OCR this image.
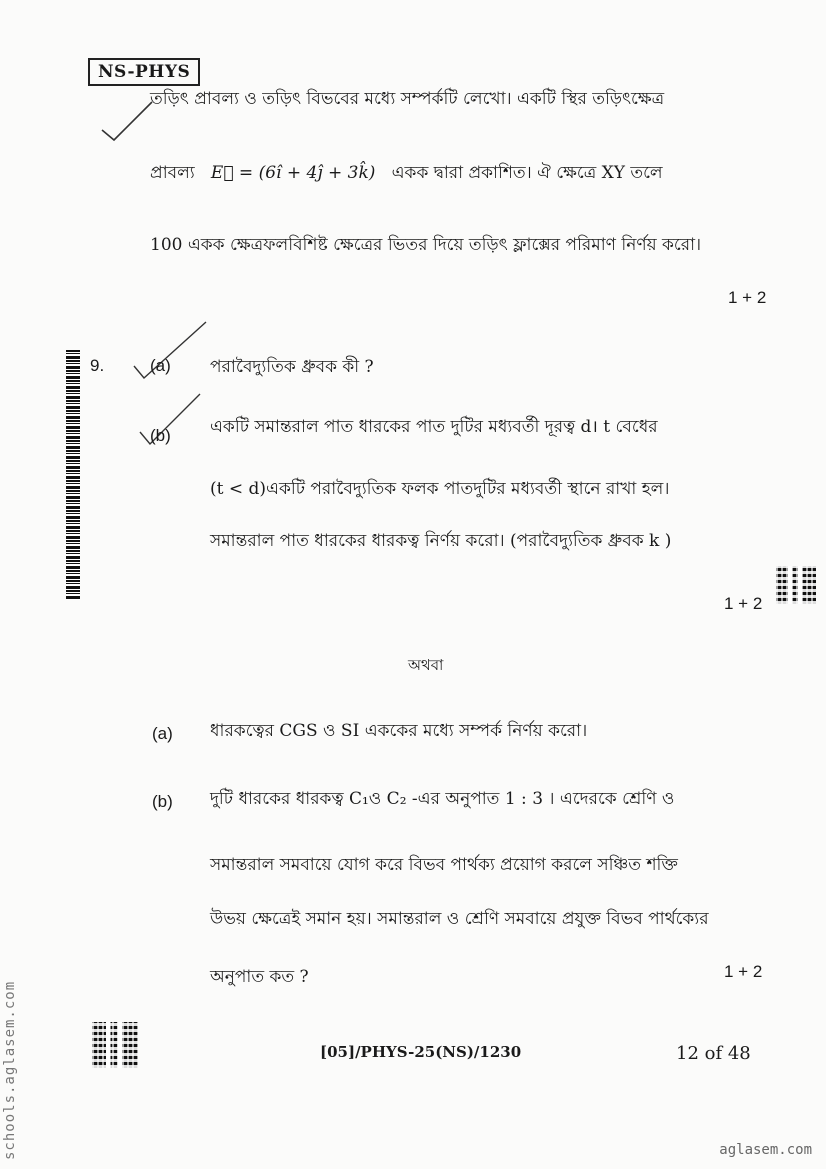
NS-PHYS
তড়িৎ প্রাবল্য ও তড়িৎ বিভবের মধ্যে সম্পর্কটি লেখো। একটি স্থির তড়িৎক্ষেত্র
প্রাবল্য E⃗ = (6î + 4ĵ + 3k̂) একক দ্বারা প্রকাশিত। ঐ ক্ষেত্রে XY তলে
100 একক ক্ষেত্রফলবিশিষ্ট ক্ষেত্রের ভিতর দিয়ে তড়িৎ ফ্লাক্সের পরিমাণ নির্ণয় করো।
1 + 2
9.	(a) পরাবৈদ্যুতিক ধ্রুবক কী ?
(b) একটি সমান্তরাল পাত ধারকের পাত দুটির মধ্যবর্তী দূরত্ব d। t বেধের
(t < d)একটি পরাবৈদ্যুতিক ফলক পাতদুটির মধ্যবর্তী স্থানে রাখা হল।
সমান্তরাল পাত ধারকের ধারকত্ব নির্ণয় করো। (পরাবৈদ্যুতিক ধ্রুবক k )
1 + 2
অথবা
(a) ধারকত্বের CGS ও SI এককের মধ্যে সম্পর্ক নির্ণয় করো।
(b) দুটি ধারকের ধারকত্ব C₁ও C₂ -এর অনুপাত 1 : 3 । এদেরকে শ্রেণি ও
সমান্তরাল সমবায়ে যোগ করে বিভব পার্থক্য প্রয়োগ করলে সঞ্চিত শক্তি
উভয় ক্ষেত্রেই সমান হয়। সমান্তরাল ও শ্রেণি সমবায়ে প্রযুক্ত বিভব পার্থক্যের
অনুপাত কত ?	1 + 2
[05]/PHYS-25(NS)/1230	12 of 48
schools.aglasem.com	aglasem.com
